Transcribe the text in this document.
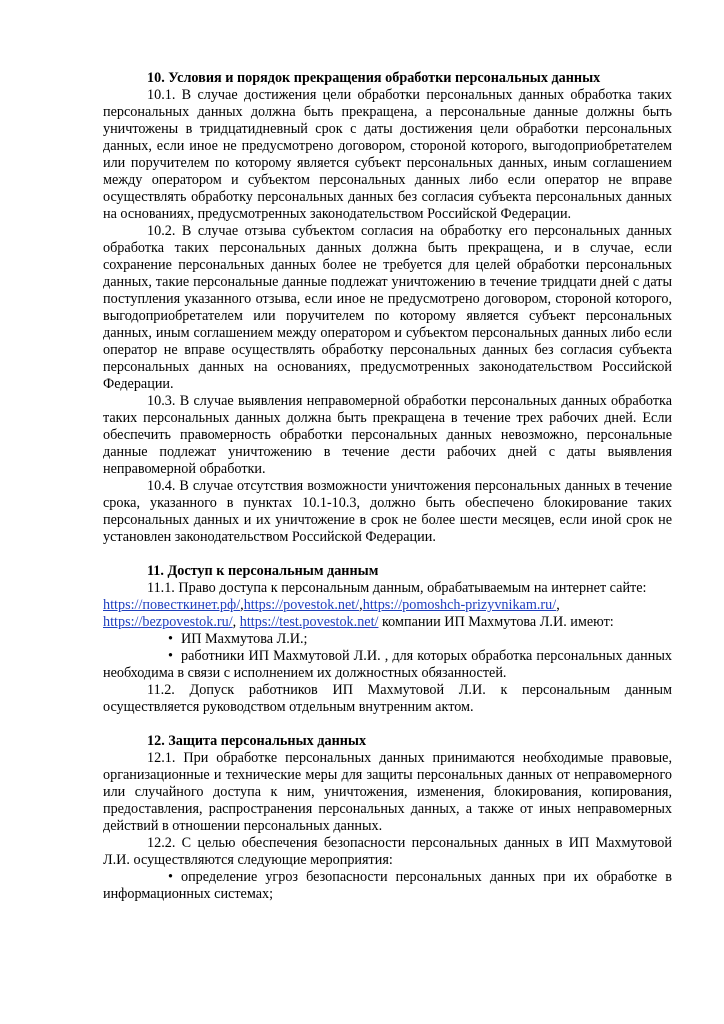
10. Условия и порядок прекращения обработки персональных данных

10.1. В случае достижения цели обработки персональных данных обработка таких персональных данных должна быть прекращена, а персональные данные должны быть уничтожены в тридцатидневный срок с даты достижения цели обработки персональных данных, если иное не предусмотрено договором, стороной которого, выгодоприобретателем или поручителем по которому является субъект персональных данных, иным соглашением между оператором и субъектом персональных данных либо если оператор не вправе осуществлять обработку персональных данных без согласия субъекта персональных данных на основаниях, предусмотренных законодательством Российской Федерации.

10.2. В случае отзыва субъектом согласия на обработку его персональных данных обработка таких персональных данных должна быть прекращена, и в случае, если сохранение персональных данных более не требуется для целей обработки персональных данных, такие персональные данные подлежат уничтожению в течение тридцати дней с даты поступления указанного отзыва, если иное не предусмотрено договором, стороной которого, выгодоприобретателем или поручителем по которому является субъект персональных данных, иным соглашением между оператором и субъектом персональных данных либо если оператор не вправе осуществлять обработку персональных данных без согласия субъекта персональных данных на основаниях, предусмотренных законодательством Российской Федерации.

10.3. В случае выявления неправомерной обработки персональных данных обработка таких персональных данных должна быть прекращена в течение трех рабочих дней. Если обеспечить правомерность обработки персональных данных невозможно, персональные данные подлежат уничтожению в течение дести рабочих дней с даты выявления неправомерной обработки.

10.4. В случае отсутствия возможности уничтожения персональных данных в течение срока, указанного в пунктах 10.1-10.3, должно быть обеспечено блокирование таких персональных данных и их уничтожение в срок не более шести месяцев, если иной срок не установлен законодательством Российской Федерации.

11. Доступ к персональным данным

11.1. Право доступа к персональным данным, обрабатываемым на интернет сайте: https://повесткинет.рф/,https://povestok.net/,https://pomoshch-prizyvnikam.ru/, https://bezpovestok.ru/, https://test.povestok.net/ компании ИП Махмутова Л.И. имеют:

• ИП Махмутова Л.И.;

• работники ИП Махмутовой Л.И. , для которых обработка персональных данных необходима в связи с исполнением их должностных обязанностей.

11.2. Допуск работников ИП Махмутовой Л.И. к персональным данным осуществляется руководством отдельным внутренним актом.

12. Защита персональных данных

12.1. При обработке персональных данных принимаются необходимые правовые, организационные и технические меры для защиты персональных данных от неправомерного или случайного доступа к ним, уничтожения, изменения, блокирования, копирования, предоставления, распространения персональных данных, а также от иных неправомерных действий в отношении персональных данных.

12.2. С целью обеспечения безопасности персональных данных в ИП Махмутовой Л.И. осуществляются следующие мероприятия:

• определение угроз безопасности персональных данных при их обработке в информационных системах;
